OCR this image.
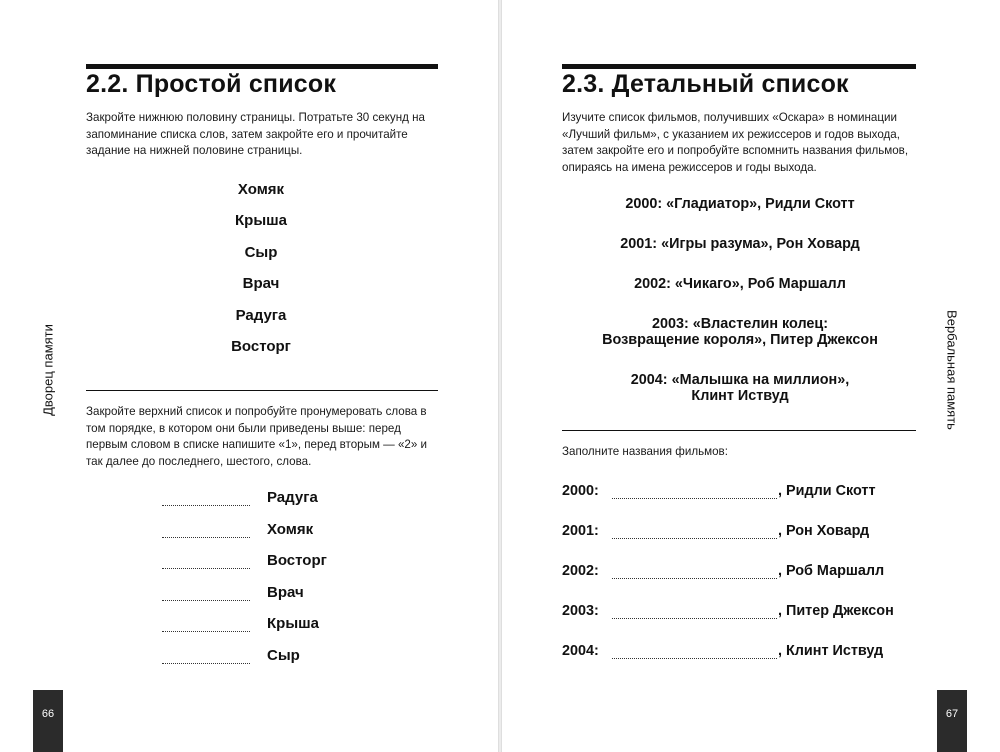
2.2. Простой список

Закройте нижнюю половину страницы. Потратьте 30 секунд на запоминание списка слов, затем закройте его и прочитайте задание на нижней половине страницы.

Хомяк
Крыша
Сыр
Врач
Радуга
Восторг

Закройте верхний список и попробуйте пронумеровать слова в том порядке, в котором они были приведены выше: перед первым словом в списке напишите «1», перед вторым — «2» и так далее до последнего, шестого, слова.

Радуга
Хомяк
Восторг
Врач
Крыша
Сыр
Дворец памяти
66
2.3. Детальный список

Изучите список фильмов, получивших «Оскара» в номинации «Лучший фильм», с указанием их режиссеров и годов выхода, затем закройте его и попробуйте вспомнить названия фильмов, опираясь на имена режиссеров и годы выхода.

2000: «Гладиатор», Ридли Скотт
2001: «Игры разума», Рон Ховард
2002: «Чикаго», Роб Маршалл
2003: «Властелин колец:
Возвращение короля», Питер Джексон
2004: «Малышка на миллион»,
Клинт Иствуд

Заполните названия фильмов:

2000:	, Ридли Скотт
2001:	, Рон Ховард
2002:	, Роб Маршалл
2003:	, Питер Джексон
2004:	, Клинт Иствуд
Вербальная память
67
